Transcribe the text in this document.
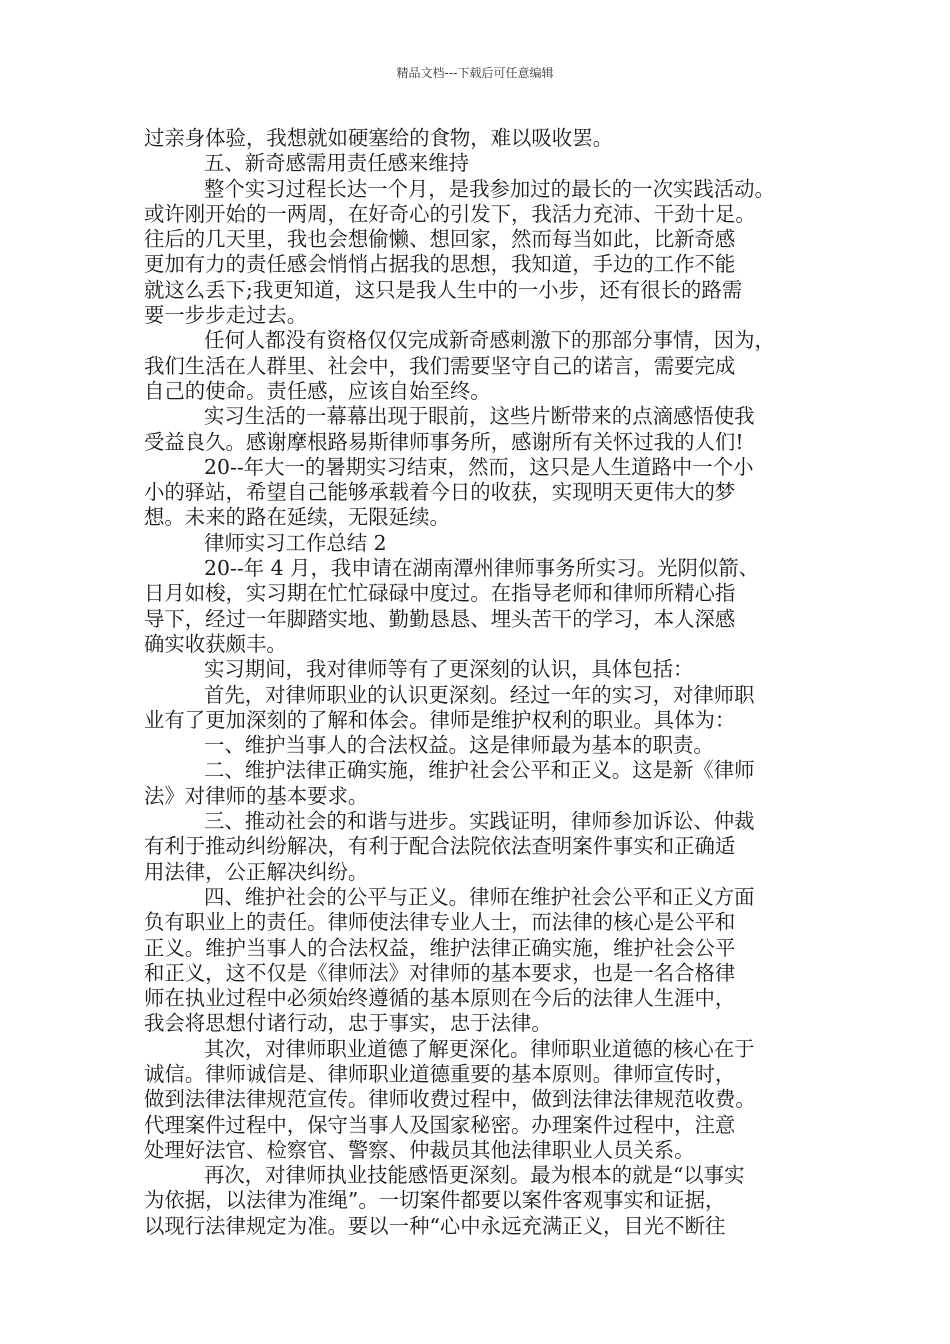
精品文档---下载后可任意编辑
过亲身体验，我想就如硬塞给的食物，难以吸收罢。
五、新奇感需用责任感来维持
整个实习过程长达一个月，是我参加过的最长的一次实践活动。
或许刚开始的一两周，在好奇心的引发下，我活力充沛、干劲十足。
往后的几天里，我也会想偷懒、想回家，然而每当如此，比新奇感
更加有力的责任感会悄悄占据我的思想，我知道，手边的工作不能
就这么丢下;我更知道，这只是我人生中的一小步，还有很长的路需
要一步步走过去。
任何人都没有资格仅仅完成新奇感刺激下的那部分事情，因为，
我们生活在人群里、社会中，我们需要坚守自己的诺言，需要完成
自己的使命。责任感，应该自始至终。
实习生活的一幕幕出现于眼前，这些片断带来的点滴感悟使我
受益良久。感谢摩根路易斯律师事务所，感谢所有关怀过我的人们!
20--年大一的暑期实习结束，然而，这只是人生道路中一个小
小的驿站，希望自己能够承载着今日的收获，实现明天更伟大的梦
想。未来的路在延续，无限延续。
律师实习工作总结 2
20--年 4 月，我申请在湖南潭州律师事务所实习。光阴似箭、
日月如梭，实习期在忙忙碌碌中度过。在指导老师和律师所精心指
导下，经过一年脚踏实地、勤勤恳恳、埋头苦干的学习，本人深感
确实收获颇丰。
实习期间，我对律师等有了更深刻的认识，具体包括：
首先，对律师职业的认识更深刻。经过一年的实习，对律师职
业有了更加深刻的了解和体会。律师是维护权利的职业。具体为：
一、维护当事人的合法权益。这是律师最为基本的职责。
二、维护法律正确实施，维护社会公平和正义。这是新《律师
法》对律师的基本要求。
三、推动社会的和谐与进步。实践证明，律师参加诉讼、仲裁
有利于推动纠纷解决，有利于配合法院依法查明案件事实和正确适
用法律，公正解决纠纷。
四、维护社会的公平与正义。律师在维护社会公平和正义方面
负有职业上的责任。律师使法律专业人士，而法律的核心是公平和
正义。维护当事人的合法权益，维护法律正确实施，维护社会公平
和正义，这不仅是《律师法》对律师的基本要求，也是一名合格律
师在执业过程中必须始终遵循的基本原则在今后的法律人生涯中，
我会将思想付诸行动，忠于事实，忠于法律。
其次，对律师职业道德了解更深化。律师职业道德的核心在于
诚信。律师诚信是、律师职业道德重要的基本原则。律师宣传时，
做到法律法律规范宣传。律师收费过程中，做到法律法律规范收费。
代理案件过程中，保守当事人及国家秘密。办理案件过程中，注意
处理好法官、检察官、警察、仲裁员其他法律职业人员关系。
再次，对律师执业技能感悟更深刻。最为根本的就是“以事实
为依据，以法律为准绳”。一切案件都要以案件客观事实和证据，
以现行法律规定为准。要以一种“心中永远充满正义，目光不断往
